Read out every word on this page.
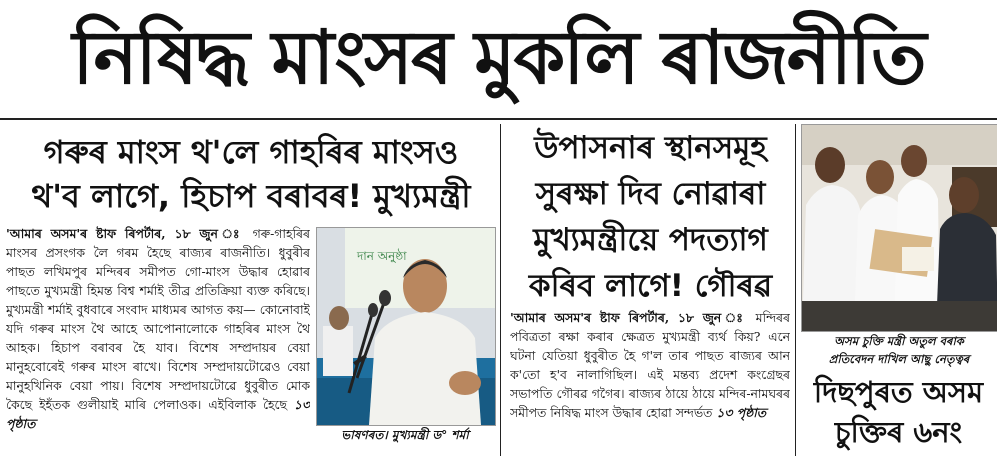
নিষিদ্ধ মাংসৰ মুকলি ৰাজনীতি
গৰুৰ মাংস থ'লে গাহৰিৰ মাংসও
থ'ব লাগে, হিচাপ বৰাবৰ! মুখ্যমন্ত্ৰী
'আমাৰ অসম'ৰ ষ্টাফ ৰিপৰ্টাৰ, ১৮ জুন ঃ গৰু-গাহৰিৰ মাংসৰ প্ৰসংগক লৈ গৰম হৈছে ৰাজ্যৰ ৰাজনীতি। ধুবুৰীৰ পাছত লখিমপুৰ মন্দিৰৰ সমীপত গো-মাংস উদ্ধাৰ হোৱাৰ পাছতে মুখ্যমন্ত্ৰী হিমন্ত বিশ্ব শৰ্মাই তীব্ৰ প্ৰতিক্ৰিয়া ব্যক্ত কৰিছে। মুখ্যমন্ত্ৰী শৰ্মাই বুধবাৰে সংবাদ মাধ্যমৰ আগত কয়— কোনোবাই যদি গৰুৰ মাংস থৈ আহে আপোনালোকে গাহৰিৰ মাংস থৈ আহক। হিচাপ বৰাবৰ হৈ যাব। বিশেষ সম্প্ৰদায়ৰ বেয়া মানুহবোৰেই গৰুৰ মাংস ৰাখে। বিশেষ সম্প্ৰদায়টোৱেও বেয়া মানুহখিনিক বেয়া পায়। বিশেষ সম্প্ৰদায়টোৱে ধুবুৰীত মোক কৈছে ইহঁতক গুলীয়াই মাৰি পেলাওক। এইবিলাক হৈছে ১৩ পৃষ্ঠাত
দান অনুষ্ঠা
ভাষণৰত। মুখ্যমন্ত্ৰী ড° শৰ্মা
উপাসনাৰ স্থানসমূহ
সুৰক্ষা দিব নোৱাৰা
মুখ্যমন্ত্ৰীয়ে পদত্যাগ
কৰিব লাগে! গৌৰৱ
'আমাৰ অসম'ৰ ষ্টাফ ৰিপৰ্টাৰ, ১৮ জুন ঃ মন্দিৰৰ পবিত্ৰতা ৰক্ষা কৰাৰ ক্ষেত্ৰত মুখ্যমন্ত্ৰী ব্যৰ্থ কিয়? এনে ঘটনা যেতিয়া ধুবুৰীত হৈ গ'ল তাৰ পাছত ৰাজ্যৰ আন ক'তো হ'ব নালাগিছিল। এই মন্তব্য প্ৰদেশ কংগ্ৰেছৰ সভাপতি গৌৰৱ গগৈৰ। ৰাজ্যৰ ঠায়ে ঠায়ে মন্দিৰ-নামঘৰৰ সমীপত নিষিদ্ধ মাংস উদ্ধাৰ হোৱা সন্দৰ্ভত ১৩ পৃষ্ঠাত
অসম চুক্তি মন্ত্ৰী অতুল বৰাক
প্ৰতিবেদন দাখিল আছু নেতৃত্বৰ
দিছপুৰত অসম
চুক্তিৰ ৬নং
